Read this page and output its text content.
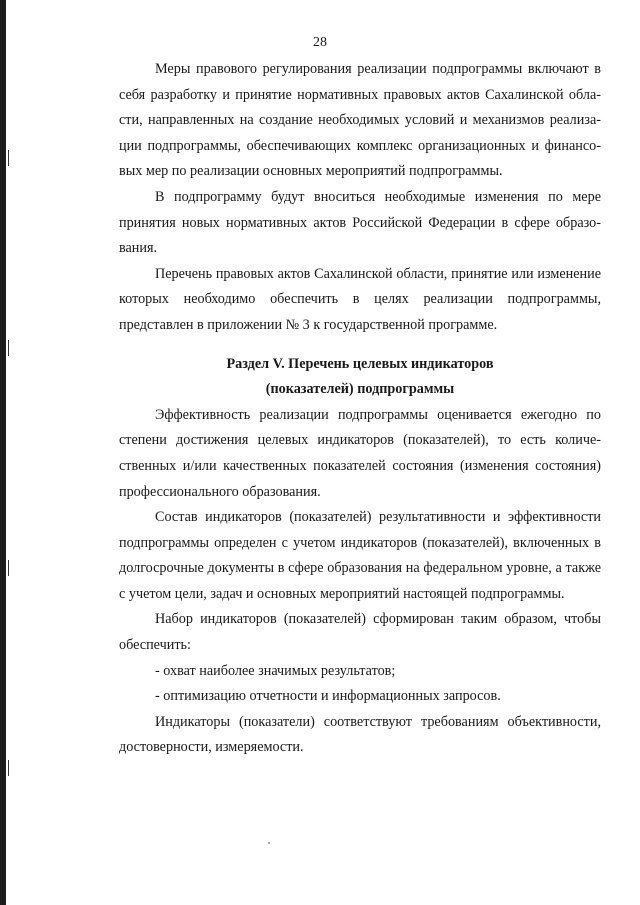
28

Меры правового регулирования реализации подпрограммы включают в себя разработку и принятие нормативных правовых актов Сахалинской области, направленных на создание необходимых условий и механизмов реализации подпрограммы, обеспечивающих комплекс организационных и финансовых мер по реализации основных мероприятий подпрограммы.

В подпрограмму будут вноситься необходимые изменения по мере принятия новых нормативных актов Российской Федерации в сфере образования.

Перечень правовых актов Сахалинской области, принятие или изменение которых необходимо обеспечить в целях реализации подпрограммы, представлен в приложении № 3 к государственной программе.

Раздел V. Перечень целевых индикаторов
(показателей) подпрограммы

Эффективность реализации подпрограммы оценивается ежегодно по степени достижения целевых индикаторов (показателей), то есть количественных и/или качественных показателей состояния (изменения состояния) профессионального образования.

Состав индикаторов (показателей) результативности и эффективности подпрограммы определен с учетом индикаторов (показателей), включенных в долгосрочные документы в сфере образования на федеральном уровне, а также с учетом цели, задач и основных мероприятий настоящей подпрограммы.

Набор индикаторов (показателей) сформирован таким образом, чтобы обеспечить:

- охват наиболее значимых результатов;

- оптимизацию отчетности и информационных запросов.

Индикаторы (показатели) соответствуют требованиям объективности, достоверности, измеряемости.
